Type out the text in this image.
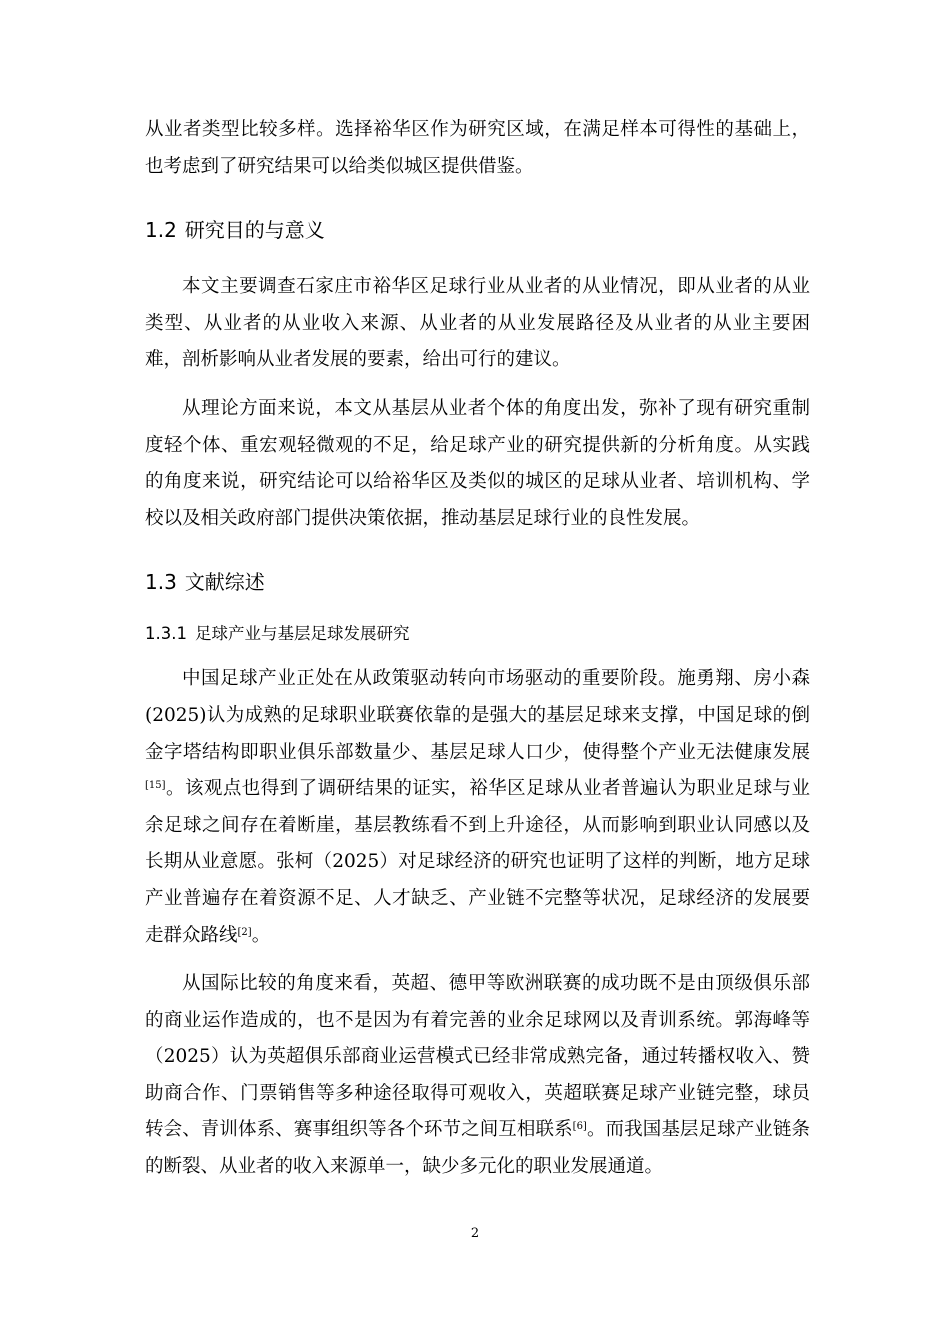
从业者类型比较多样。选择裕华区作为研究区域，在满足样本可得性的基础上，也考虑到了研究结果可以给类似城区提供借鉴。

1.2 研究目的与意义

本文主要调查石家庄市裕华区足球行业从业者的从业情况，即从业者的从业类型、从业者的从业收入来源、从业者的从业发展路径及从业者的从业主要困难，剖析影响从业者发展的要素，给出可行的建议。

从理论方面来说，本文从基层从业者个体的角度出发，弥补了现有研究重制度轻个体、重宏观轻微观的不足，给足球产业的研究提供新的分析角度。从实践的角度来说，研究结论可以给裕华区及类似的城区的足球从业者、培训机构、学校以及相关政府部门提供决策依据，推动基层足球行业的良性发展。

1.3 文献综述
1.3.1 足球产业与基层足球发展研究

中国足球产业正处在从政策驱动转向市场驱动的重要阶段。施勇翔、房小森(2025)认为成熟的足球职业联赛依靠的是强大的基层足球来支撑，中国足球的倒金字塔结构即职业俱乐部数量少、基层足球人口少，使得整个产业无法健康发展[15]。该观点也得到了调研结果的证实，裕华区足球从业者普遍认为职业足球与业余足球之间存在着断崖，基层教练看不到上升途径，从而影响到职业认同感以及长期从业意愿。张柯（2025）对足球经济的研究也证明了这样的判断，地方足球产业普遍存在着资源不足、人才缺乏、产业链不完整等状况，足球经济的发展要走群众路线[2]。

从国际比较的角度来看，英超、德甲等欧洲联赛的成功既不是由顶级俱乐部的商业运作造成的，也不是因为有着完善的业余足球网以及青训系统。郭海峰等（2025）认为英超俱乐部商业运营模式已经非常成熟完备，通过转播权收入、赞助商合作、门票销售等多种途径取得可观收入，英超联赛足球产业链完整，球员转会、青训体系、赛事组织等各个环节之间互相联系[6]。而我国基层足球产业链条的断裂、从业者的收入来源单一，缺少多元化的职业发展通道。

2
